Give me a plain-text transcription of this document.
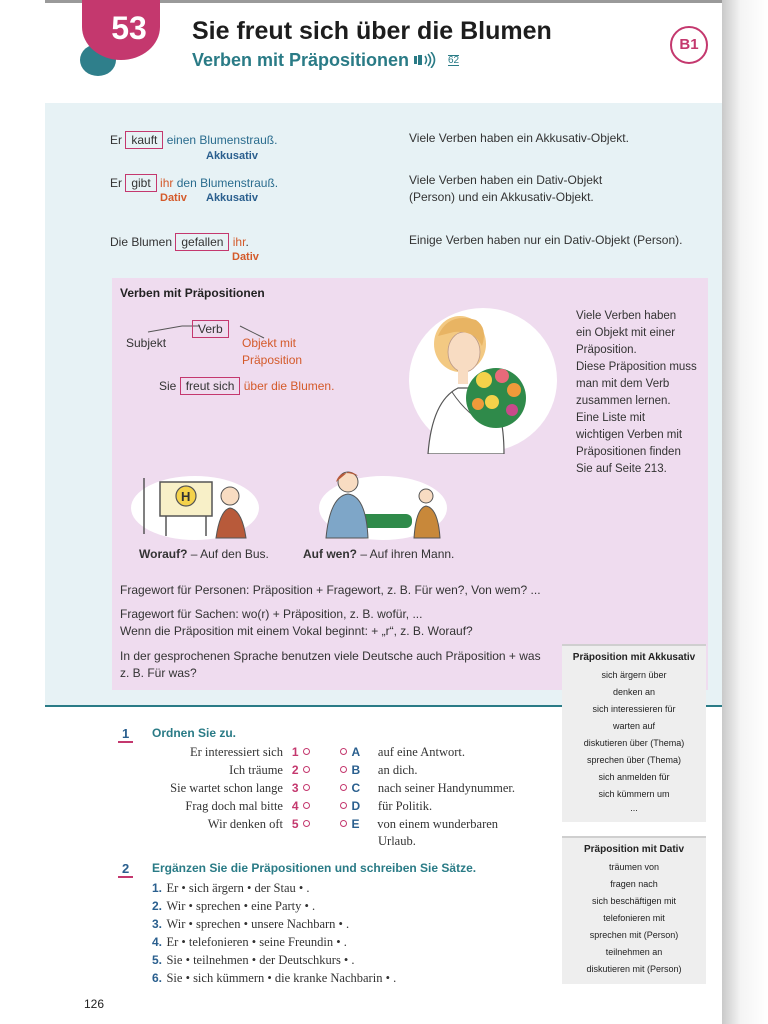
53	Sie freut sich über die Blumen
Verben mit Präpositionen	62
B1
Er kauft einen Blumenstrauß.
Akkusativ
Viele Verben haben ein Akkusativ-Objekt.
Er gibt ihr den Blumenstrauß.
Dativ Akkusativ
Viele Verben haben ein Dativ-Objekt
(Person) und ein Akkusativ-Objekt.
Die Blumen gefallen ihr.
Dativ
Einige Verben haben nur ein Dativ-Objekt (Person).
Verben mit Präpositionen
Verb
Subjekt	Objekt mit
Präposition
Sie freut sich über die Blumen.
Viele Verben haben
ein Objekt mit einer
Präposition.
Diese Präposition muss
man mit dem Verb
zusammen lernen.
Eine Liste mit
wichtigen Verben mit
Präpositionen finden
Sie auf Seite 213.
H
Worauf? – Auf den Bus.	Auf wen? – Auf ihren Mann.
Fragewort für Personen: Präposition + Fragewort, z. B. Für wen?, Von wem? ...
Fragewort für Sachen: wo(r) + Präposition, z. B. wofür, ...
Wenn die Präposition mit einem Vokal beginnt: + „r“, z. B. Worauf?
In der gesprochenen Sprache benutzen viele Deutsche auch Präposition + was
z. B. Für was?
Präposition mit Akkusativ
sich ärgern über
denken an
sich interessieren für
warten auf
diskutieren über (Thema)
sprechen über (Thema)
sich anmelden für
sich kümmern um
...
Präposition mit Dativ
träumen von
fragen nach
sich beschäftigen mit
telefonieren mit
sprechen mit (Person)
teilnehmen an
diskutieren mit (Person)
1	Ordnen Sie zu.
Er interessiert sich 1
Ich träume 2
Sie wartet schon lange 3
Frag doch mal bitte 4
Wir denken oft 5
A auf eine Antwort.
B an dich.
C nach seiner Handynummer.
D für Politik.
E von einem wunderbaren
Urlaub.
2	Ergänzen Sie die Präpositionen und schreiben Sie Sätze.
1. Er • sich ärgern • der Stau • .
2. Wir • sprechen • eine Party • .
3. Wir • sprechen • unsere Nachbarn • .
4. Er • telefonieren • seine Freundin • .
5. Sie • teilnehmen • der Deutschkurs • .
6. Sie • sich kümmern • die kranke Nachbarin • .
126
